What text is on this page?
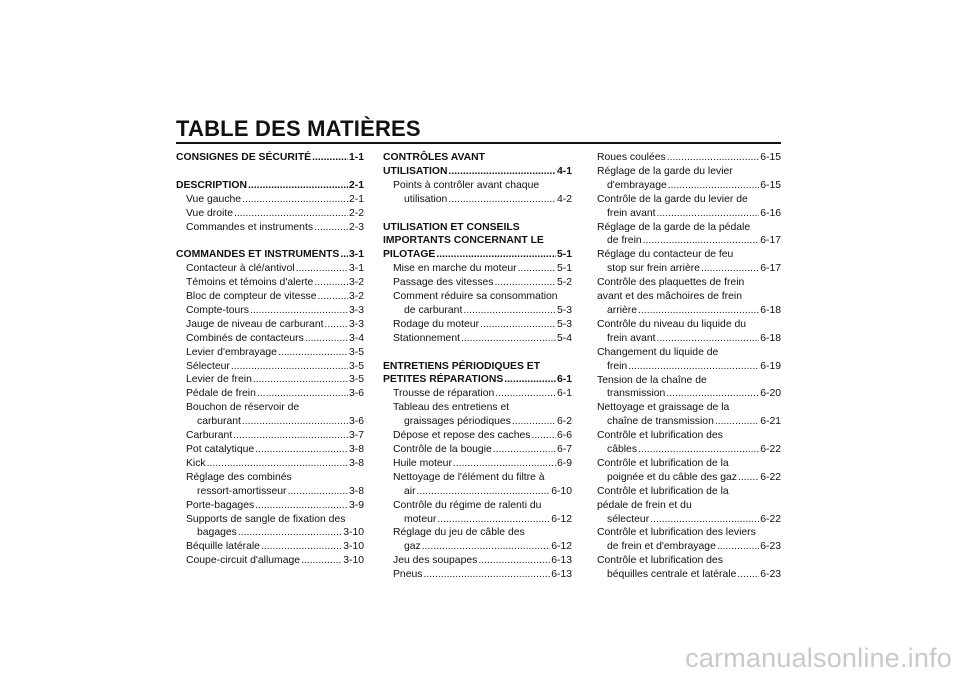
TABLE DES MATIÈRES
CONSIGNES DE SÉCURITÉ .....	1-1
DESCRIPTION .....	2-1
Vue gauche .....	2-1
Vue droite .....	2-2
Commandes et instruments .....	2-3
COMMANDES ET INSTRUMENTS ..... 3-1
Contacteur à clé/antivol .....	3-1
Témoins et témoins d'alerte .....	3-2
Bloc de compteur de vitesse .....	3-2
Compte-tours .....	3-3
Jauge de niveau de carburant ..... 3-3
Combinés de contacteurs .....	3-4
Levier d'embrayage .....	3-5
Sélecteur .....	3-5
Levier de frein .....	3-5
Pédale de frein .....	3-6
Bouchon de réservoir de
carburant .....	3-6
Carburant .....	3-7
Pot catalytique .....	3-8
Kick .....	3-8
Réglage des combinés
ressort-amortisseur .....	3-8
Porte-bagages .....	3-9
Supports de sangle de fixation des
bagages .....	3-10
Béquille latérale .....	3-10
Coupe-circuit d'allumage .....	3-10
CONTRÔLES AVANT
UTILISATION .....	4-1
Points à contrôler avant chaque
utilisation .....	4-2
UTILISATION ET CONSEILS
IMPORTANTS CONCERNANT LE
PILOTAGE .....	5-1
Mise en marche du moteur .....	5-1
Passage des vitesses .....	5-2
Comment réduire sa consommation
de carburant .....	5-3
Rodage du moteur .....	5-3
Stationnement .....	5-4
ENTRETIENS PÉRIODIQUES ET
PETITES RÉPARATIONS .....	6-1
Trousse de réparation .....	6-1
Tableau des entretiens et
graissages périodiques .....	6-2
Dépose et repose des caches .....	6-6
Contrôle de la bougie .....	6-7
Huile moteur .....	6-9
Nettoyage de l'élément du filtre à
air .....	6-10
Contrôle du régime de ralenti du
moteur .....	6-12
Réglage du jeu de câble des
gaz .....	6-12
Jeu des soupapes .....	6-13
Pneus .....	6-13
Roues coulées .....	6-15
Réglage de la garde du levier
d'embrayage .....	6-15
Contrôle de la garde du levier de
frein avant .....	6-16
Réglage de la garde de la pédale
de frein .....	6-17
Réglage du contacteur de feu
stop sur frein arrière .....	6-17
Contrôle des plaquettes de frein
avant et des mâchoires de frein
arrière .....	6-18
Contrôle du niveau du liquide du
frein avant .....	6-18
Changement du liquide de
frein .....	6-19
Tension de la chaîne de
transmission .....	6-20
Nettoyage et graissage de la
chaîne de transmission .....	6-21
Contrôle et lubrification des
câbles .....	6-22
Contrôle et lubrification de la
poignée et du câble des gaz ..... 6-22
Contrôle et lubrification de la
pédale de frein et du
sélecteur .....	6-22
Contrôle et lubrification des leviers
de frein et d'embrayage .....	6-23
Contrôle et lubrification des
béquilles centrale et latérale ..... 6-23
carmanualsonline.info
